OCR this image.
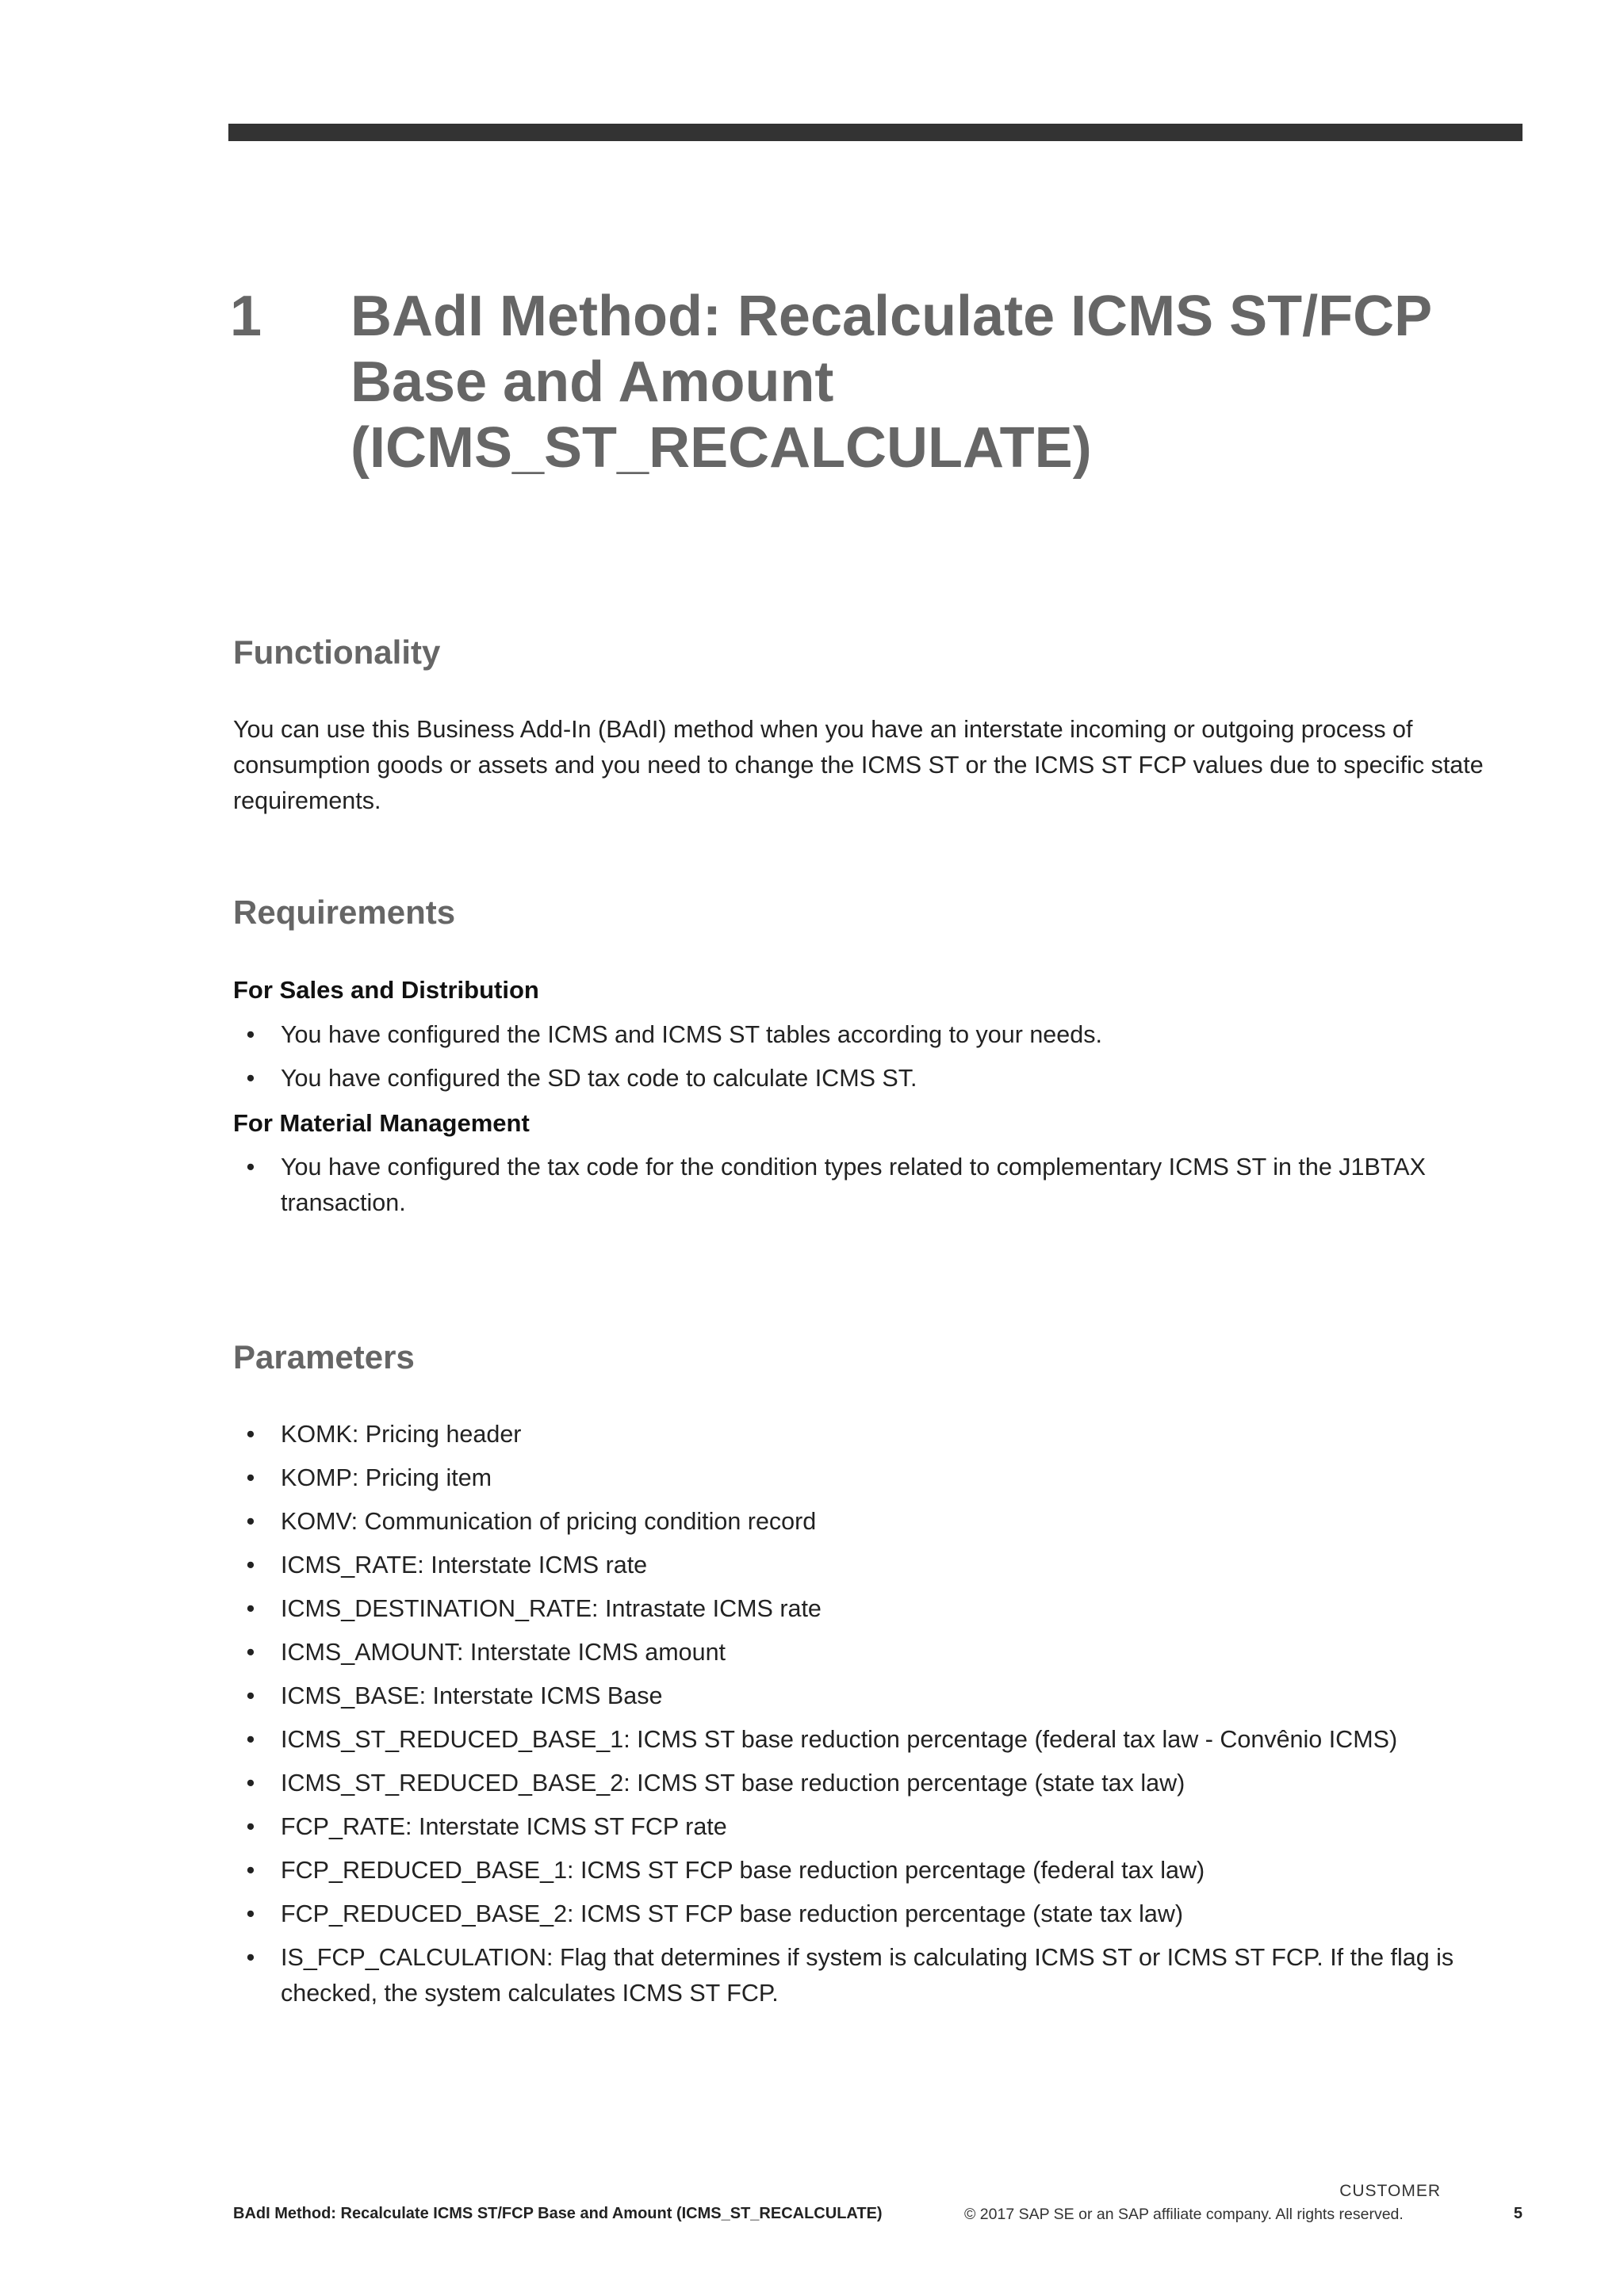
1 BAdI Method: Recalculate ICMS ST/FCP Base and Amount (ICMS_ST_RECALCULATE)
Functionality

You can use this Business Add-In (BAdI) method when you have an interstate incoming or outgoing process of consumption goods or assets and you need to change the ICMS ST or the ICMS ST FCP values due to specific state requirements.

Requirements
For Sales and Distribution
• You have configured the ICMS and ICMS ST tables according to your needs.
• You have configured the SD tax code to calculate ICMS ST.
For Material Management
• You have configured the tax code for the condition types related to complementary ICMS ST in the J1BTAX transaction.
Parameters
• KOMK: Pricing header
• KOMP: Pricing item
• KOMV: Communication of pricing condition record
• ICMS_RATE: Interstate ICMS rate
• ICMS_DESTINATION_RATE: Intrastate ICMS rate
• ICMS_AMOUNT: Interstate ICMS amount
• ICMS_BASE: Interstate ICMS Base
• ICMS_ST_REDUCED_BASE_1: ICMS ST base reduction percentage (federal tax law - Convênio ICMS)
• ICMS_ST_REDUCED_BASE_2: ICMS ST base reduction percentage (state tax law)
• FCP_RATE: Interstate ICMS ST FCP rate
• FCP_REDUCED_BASE_1: ICMS ST FCP base reduction percentage (federal tax law)
• FCP_REDUCED_BASE_2: ICMS ST FCP base reduction percentage (state tax law)
• IS_FCP_CALCULATION: Flag that determines if system is calculating ICMS ST or ICMS ST FCP. If the flag is checked, the system calculates ICMS ST FCP.
CUSTOMER
BAdI Method: Recalculate ICMS ST/FCP Base and Amount (ICMS_ST_RECALCULATE)	© 2017 SAP SE or an SAP affiliate company. All rights reserved.	5
